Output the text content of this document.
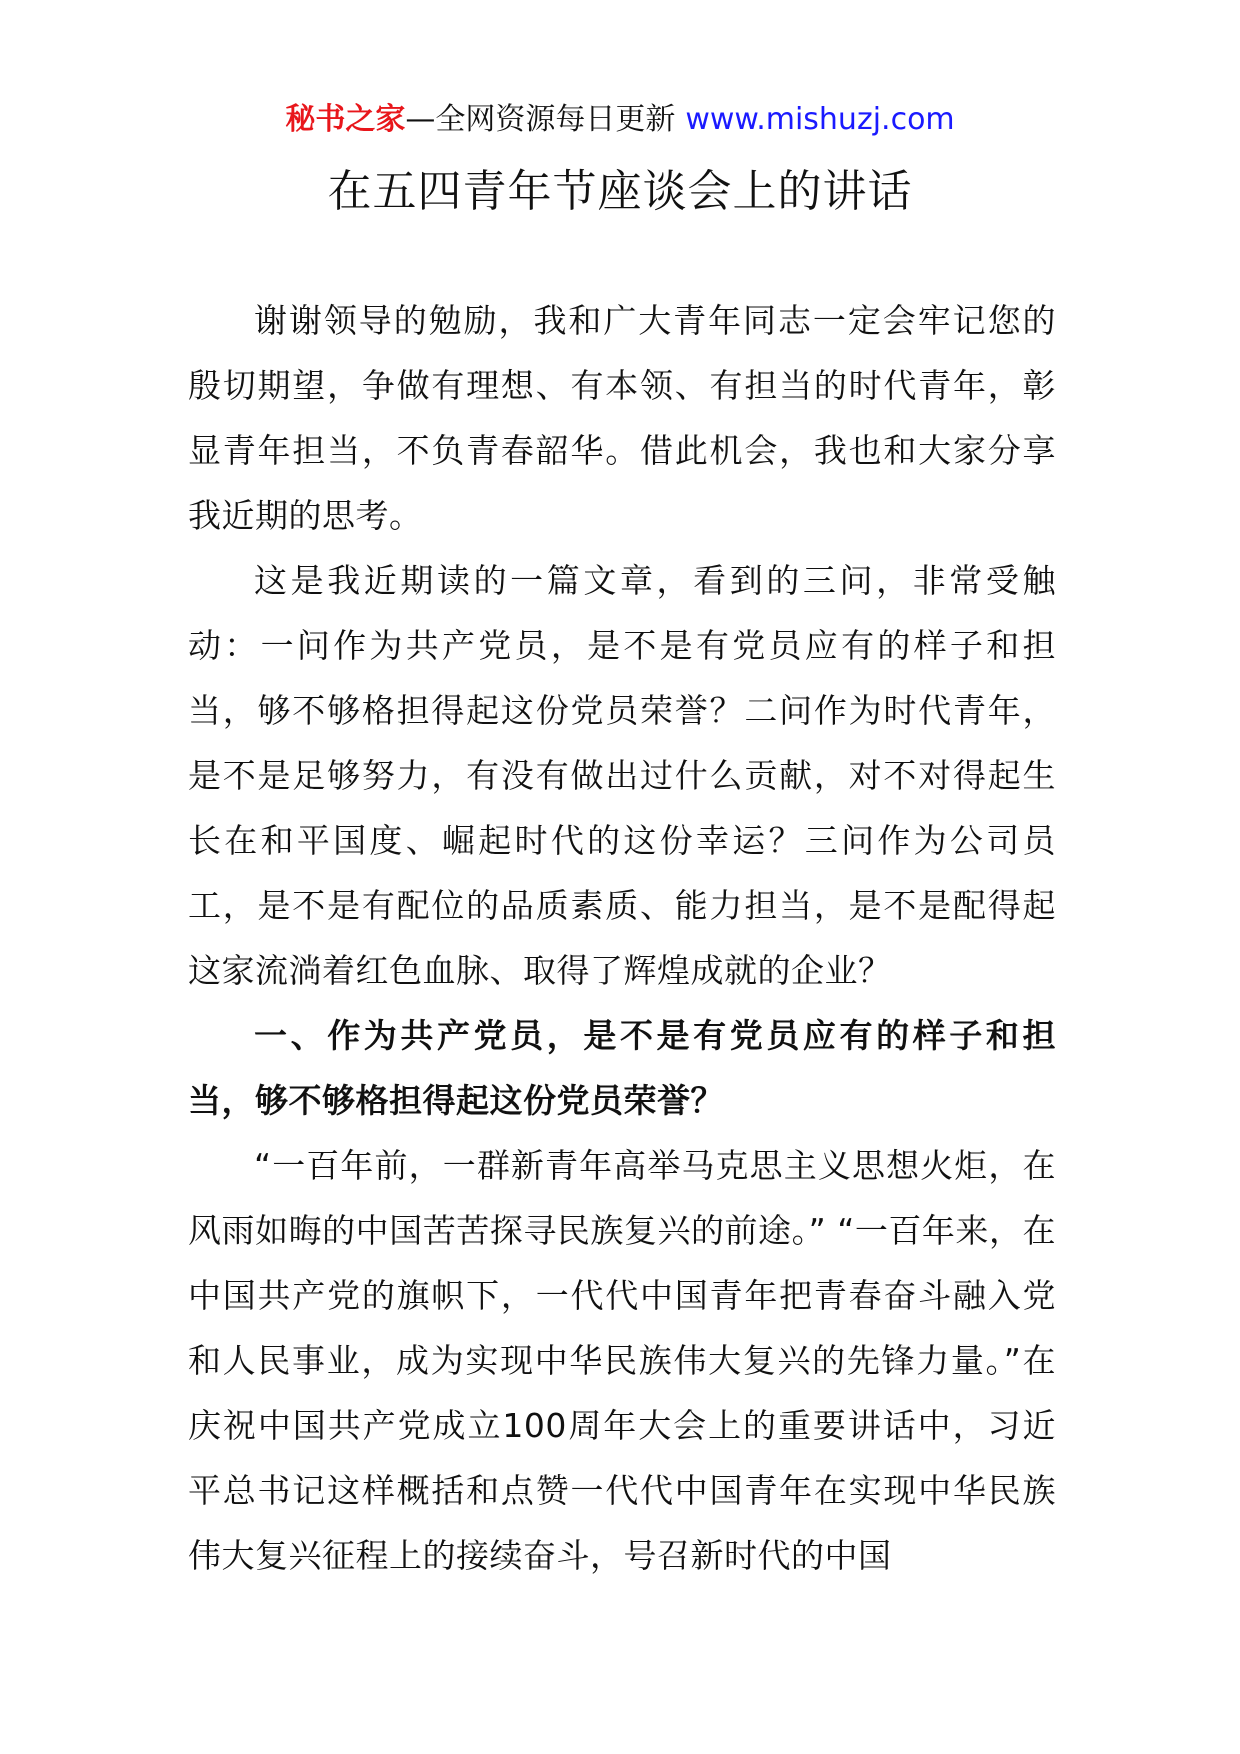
秘书之家—全网资源每日更新 www.mishuzj.com
在五四青年节座谈会上的讲话

谢谢领导的勉励，我和广大青年同志一定会牢记您的殷切期望，争做有理想、有本领、有担当的时代青年，彰显青年担当，不负青春韶华。借此机会，我也和大家分享我近期的思考。

这是我近期读的一篇文章，看到的三问，非常受触动：一问作为共产党员，是不是有党员应有的样子和担当，够不够格担得起这份党员荣誉？二问作为时代青年，是不是足够努力，有没有做出过什么贡献，对不对得起生长在和平国度、崛起时代的这份幸运？三问作为公司员工，是不是有配位的品质素质、能力担当，是不是配得起这家流淌着红色血脉、取得了辉煌成就的企业？

一、作为共产党员，是不是有党员应有的样子和担当，够不够格担得起这份党员荣誉？

“一百年前，一群新青年高举马克思主义思想火炬，在风雨如晦的中国苦苦探寻民族复兴的前途。” “一百年来，在中国共产党的旗帜下，一代代中国青年把青春奋斗融入党和人民事业，成为实现中华民族伟大复兴的先锋力量。”在庆祝中国共产党成立100周年大会上的重要讲话中，习近平总书记这样概括和点赞一代代中国青年在实现中华民族伟大复兴征程上的接续奋斗，号召新时代的中国
